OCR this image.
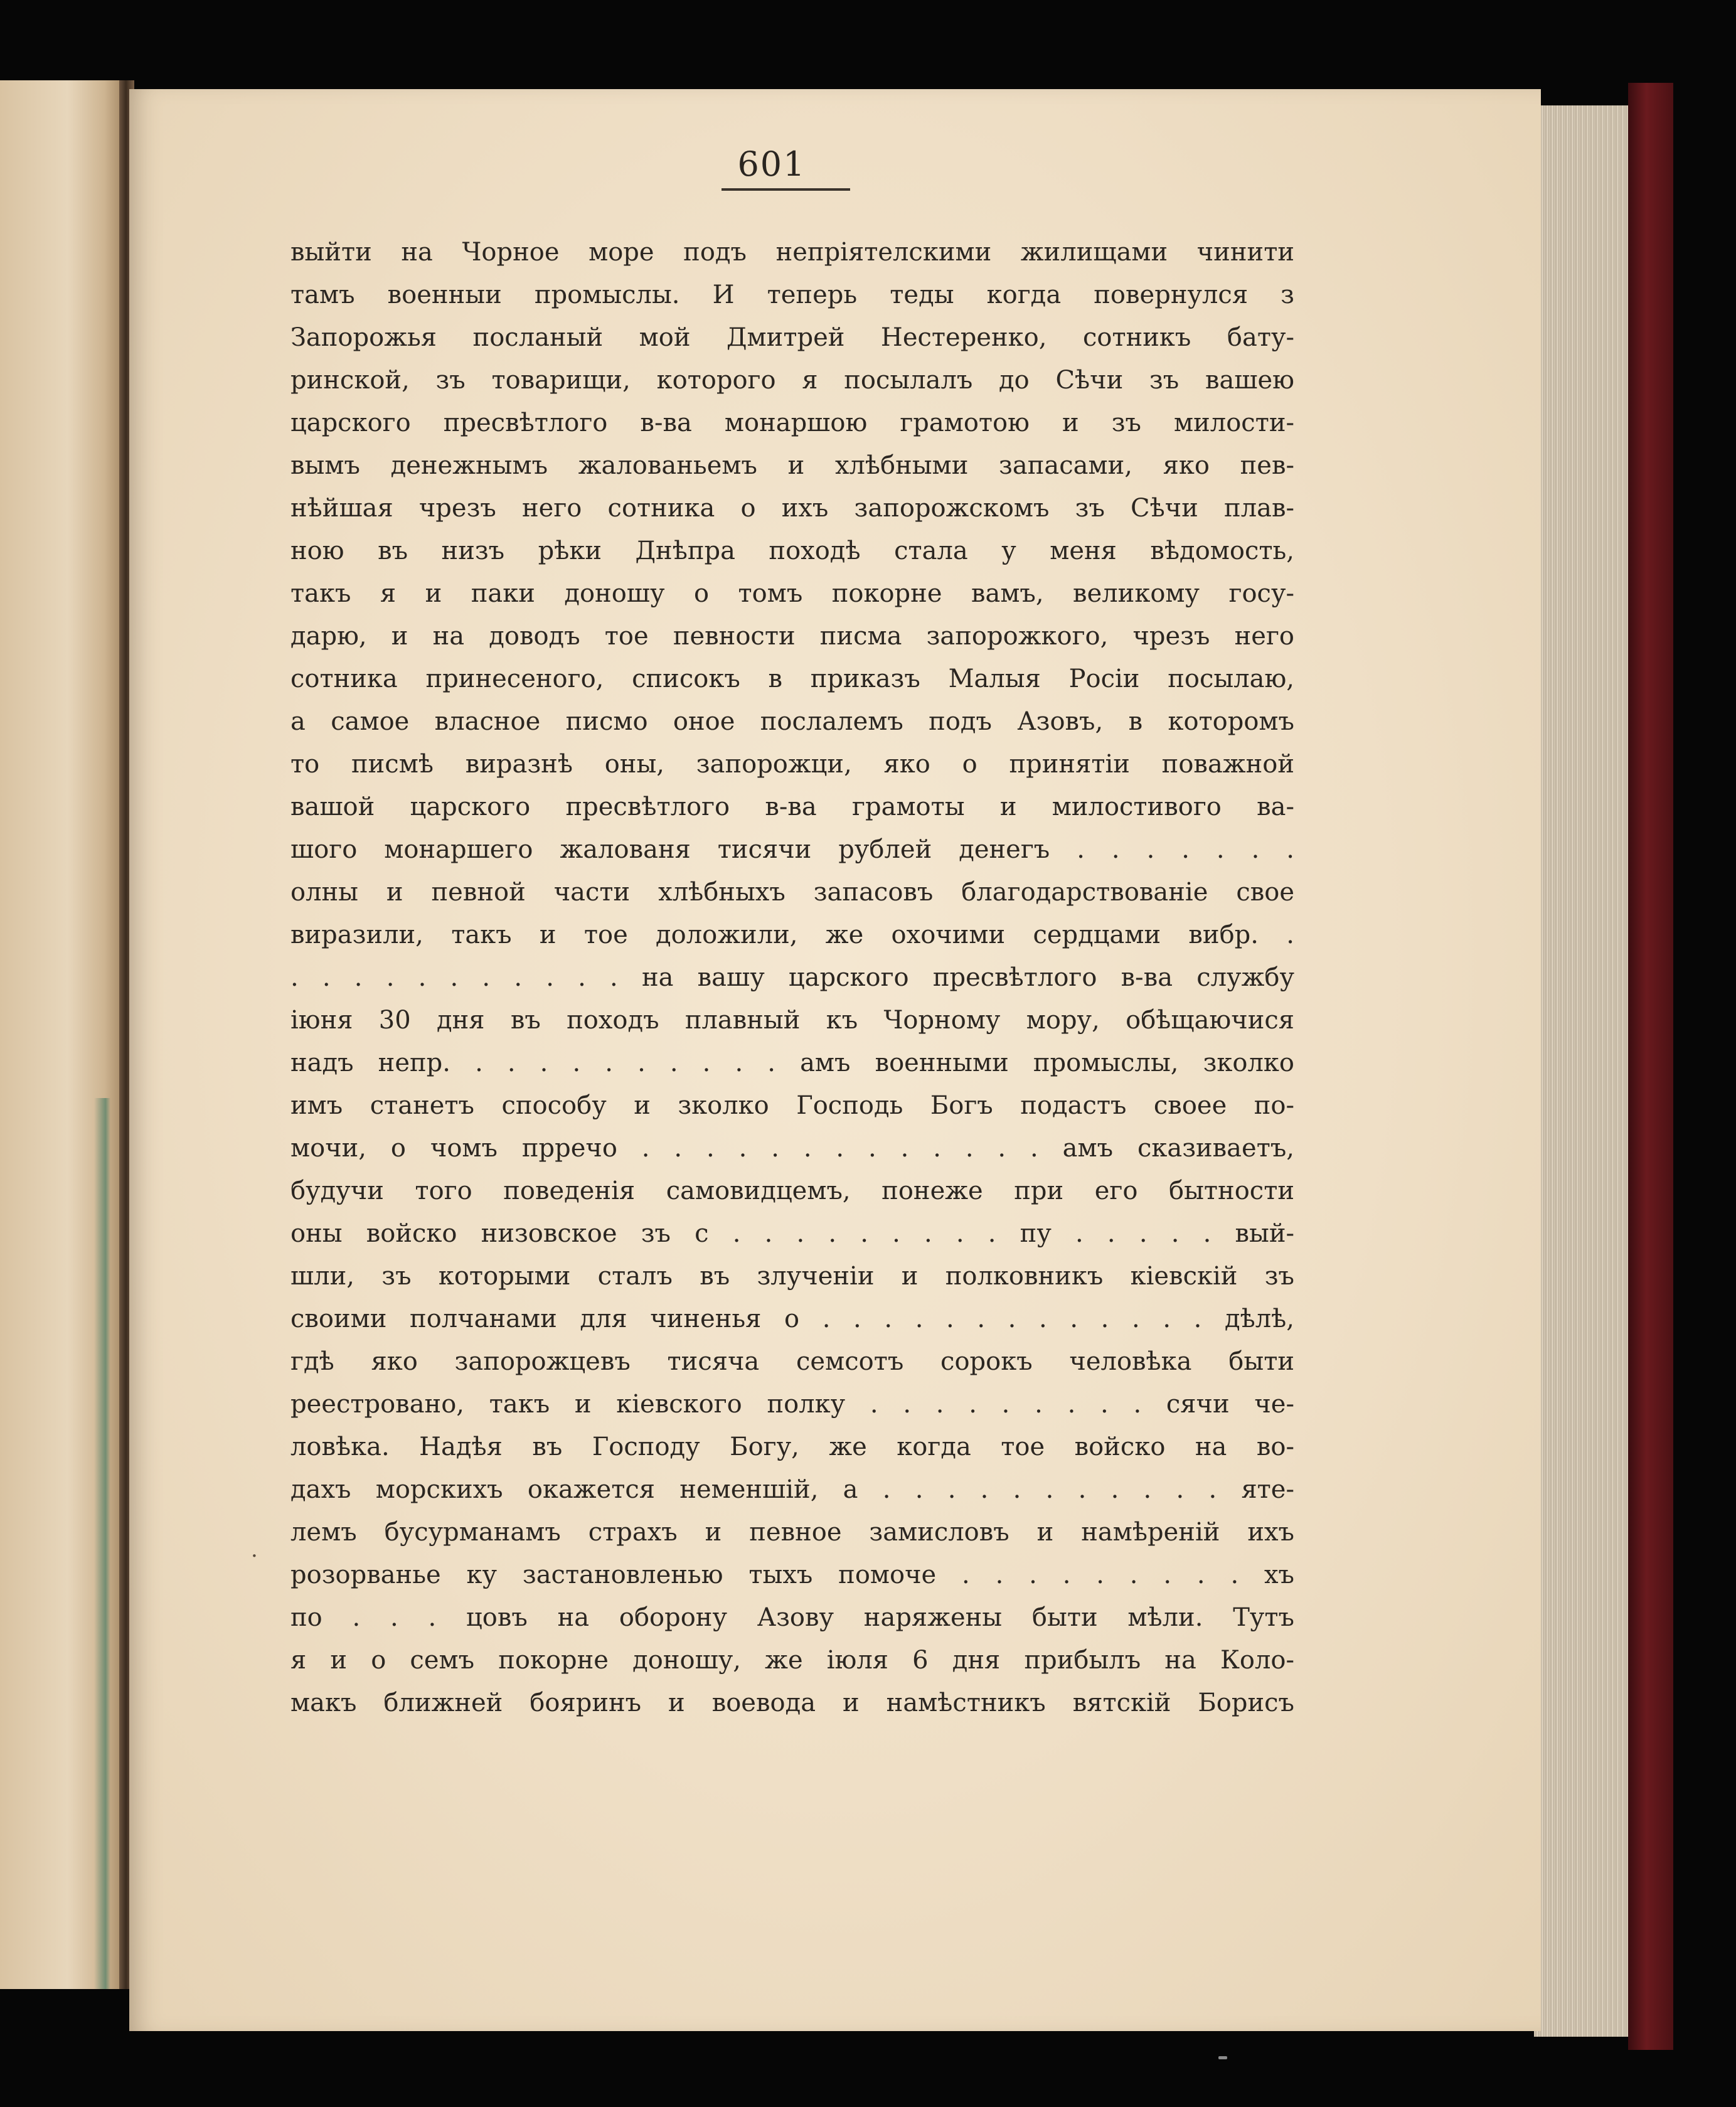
601
выйти на Чорное море подъ непріятелскими жилищами чинити
тамъ военныи промыслы. И теперь теды когда повернулся з
Запорожья посланый мой Дмитрей Нестеренко, сотникъ бату-
ринской, зъ товарищи, которого я посылалъ до Сѣчи зъ вашею
царского пресвѣтлого в-ва монаршою грамотою и зъ милости-
вымъ денежнымъ жалованьемъ и хлѣбными запасами, яко пев-
нѣйшая чрезъ него сотника о ихъ запорожскомъ зъ Сѣчи плав-
ною въ низъ рѣки Днѣпра походѣ стала у меня вѣдомость,
такъ я и паки доношу о томъ покорне вамъ, великому госу-
дарю, и на доводъ тое певности писма запорожкого, чрезъ него
сотника принесеного, списокъ в приказъ Малыя Росіи посылаю,
а самое власное писмо оное послалемъ подъ Азовъ, в которомъ
то писмѣ виразнѣ оны, запорожци, яко о принятіи поважной
вашой царского пресвѣтлого в-ва грамоты и милостивого ва-
шого монаршего жалованя тисячи рублей денегъ . . . . . . .
олны и певной части хлѣбныхъ запасовъ благодарствованіе свое
виразили, такъ и тое доложили, же охочими сердцами вибр. .
. . . . . . . . . . . на вашу царского пресвѣтлого в-ва службу
іюня 30 дня въ походъ плавный къ Чорному мору, обѣщаючися
надъ непр. . . . . . . . . . . амъ военными промыслы, зколко
имъ станетъ способу и зколко Господь Богъ подастъ своее по-
мочи, о чомъ прречо . . . . . . . . . . . . . амъ сказиваетъ,
будучи того поведенія самовидцемъ, понеже при его бытности
оны войско низовское зъ с . . . . . . . . . пу . . . . . вый-
шли, зъ которыми сталъ въ злученіи и полковникъ кіевскій зъ
своими полчанами для чиненья о . . . . . . . . . . . . . дѣлѣ,
гдѣ яко запорожцевъ тисяча семсотъ сорокъ человѣка быти
реестровано, такъ и кіевского полку . . . . . . . . . сячи че-
ловѣка. Надѣя въ Господу Богу, же когда тое войско на во-
дахъ морскихъ окажется неменшій, а . . . . . . . . . . . яте-
лемъ бусурманамъ страхъ и певное замисловъ и намѣреній ихъ
розорванье ку застановленью тыхъ помоче . . . . . . . . . хъ
по . . . цовъ на оборону Азову наряжены быти мѣли. Тутъ
я и о семъ покорне доношу, же іюля 6 дня прибылъ на Коло-
макъ ближней бояринъ и воевода и намѣстникъ вятскій Борисъ
·
